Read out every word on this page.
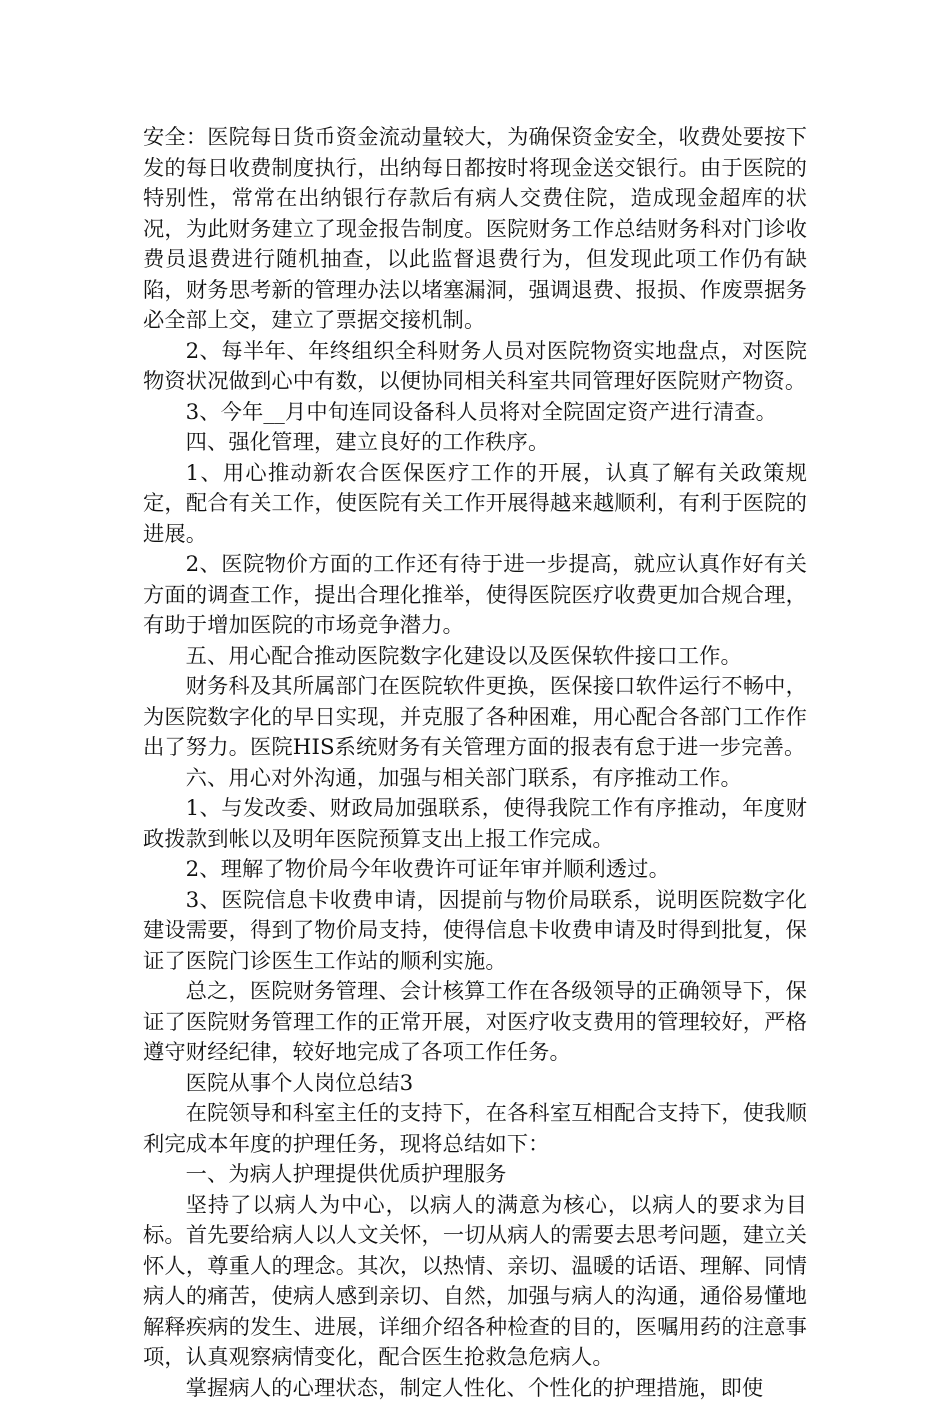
安全：医院每日货币资金流动量较大，为确保资金安全，收费处要按下发的每日收费制度执行，出纳每日都按时将现金送交银行。由于医院的特别性，常常在出纳银行存款后有病人交费住院，造成现金超库的状况，为此财务建立了现金报告制度。医院财务工作总结财务科对门诊收费员退费进行随机抽查，以此监督退费行为，但发现此项工作仍有缺陷，财务思考新的管理办法以堵塞漏洞，强调退费、报损、作废票据务必全部上交，建立了票据交接机制。

2、每半年、年终组织全科财务人员对医院物资实地盘点，对医院物资状况做到心中有数，以便协同相关科室共同管理好医院财产物资。

3、今年__月中旬连同设备科人员将对全院固定资产进行清查。

四、强化管理，建立良好的工作秩序。

1、用心推动新农合医保医疗工作的开展，认真了解有关政策规定，配合有关工作，使医院有关工作开展得越来越顺利，有利于医院的进展。

2、医院物价方面的工作还有待于进一步提高，就应认真作好有关方面的调查工作，提出合理化推举，使得医院医疗收费更加合规合理，有助于增加医院的市场竞争潜力。

五、用心配合推动医院数字化建设以及医保软件接口工作。

财务科及其所属部门在医院软件更换，医保接口软件运行不畅中，为医院数字化的早日实现，并克服了各种困难，用心配合各部门工作作出了努力。医院HIS系统财务有关管理方面的报表有怠于进一步完善。

六、用心对外沟通，加强与相关部门联系，有序推动工作。

1、与发改委、财政局加强联系，使得我院工作有序推动，年度财政拨款到帐以及明年医院预算支出上报工作完成。

2、理解了物价局今年收费许可证年审并顺利透过。

3、医院信息卡收费申请，因提前与物价局联系，说明医院数字化建设需要，得到了物价局支持，使得信息卡收费申请及时得到批复，保证了医院门诊医生工作站的顺利实施。

总之，医院财务管理、会计核算工作在各级领导的正确领导下，保证了医院财务管理工作的正常开展，对医疗收支费用的管理较好，严格遵守财经纪律，较好地完成了各项工作任务。

医院从事个人岗位总结3

在院领导和科室主任的支持下，在各科室互相配合支持下，使我顺利完成本年度的护理任务，现将总结如下：

一、为病人护理提供优质护理服务

坚持了以病人为中心，以病人的满意为核心，以病人的要求为目标。首先要给病人以人文关怀，一切从病人的需要去思考问题，建立关怀人，尊重人的理念。其次，以热情、亲切、温暖的话语、理解、同情病人的痛苦，使病人感到亲切、自然，加强与病人的沟通，通俗易懂地解释疾病的发生、进展，详细介绍各种检查的目的，医嘱用药的注意事项，认真观察病情变化，配合医生抢救急危病人。

掌握病人的心理状态，制定人性化、个性化的护理措施，即使
